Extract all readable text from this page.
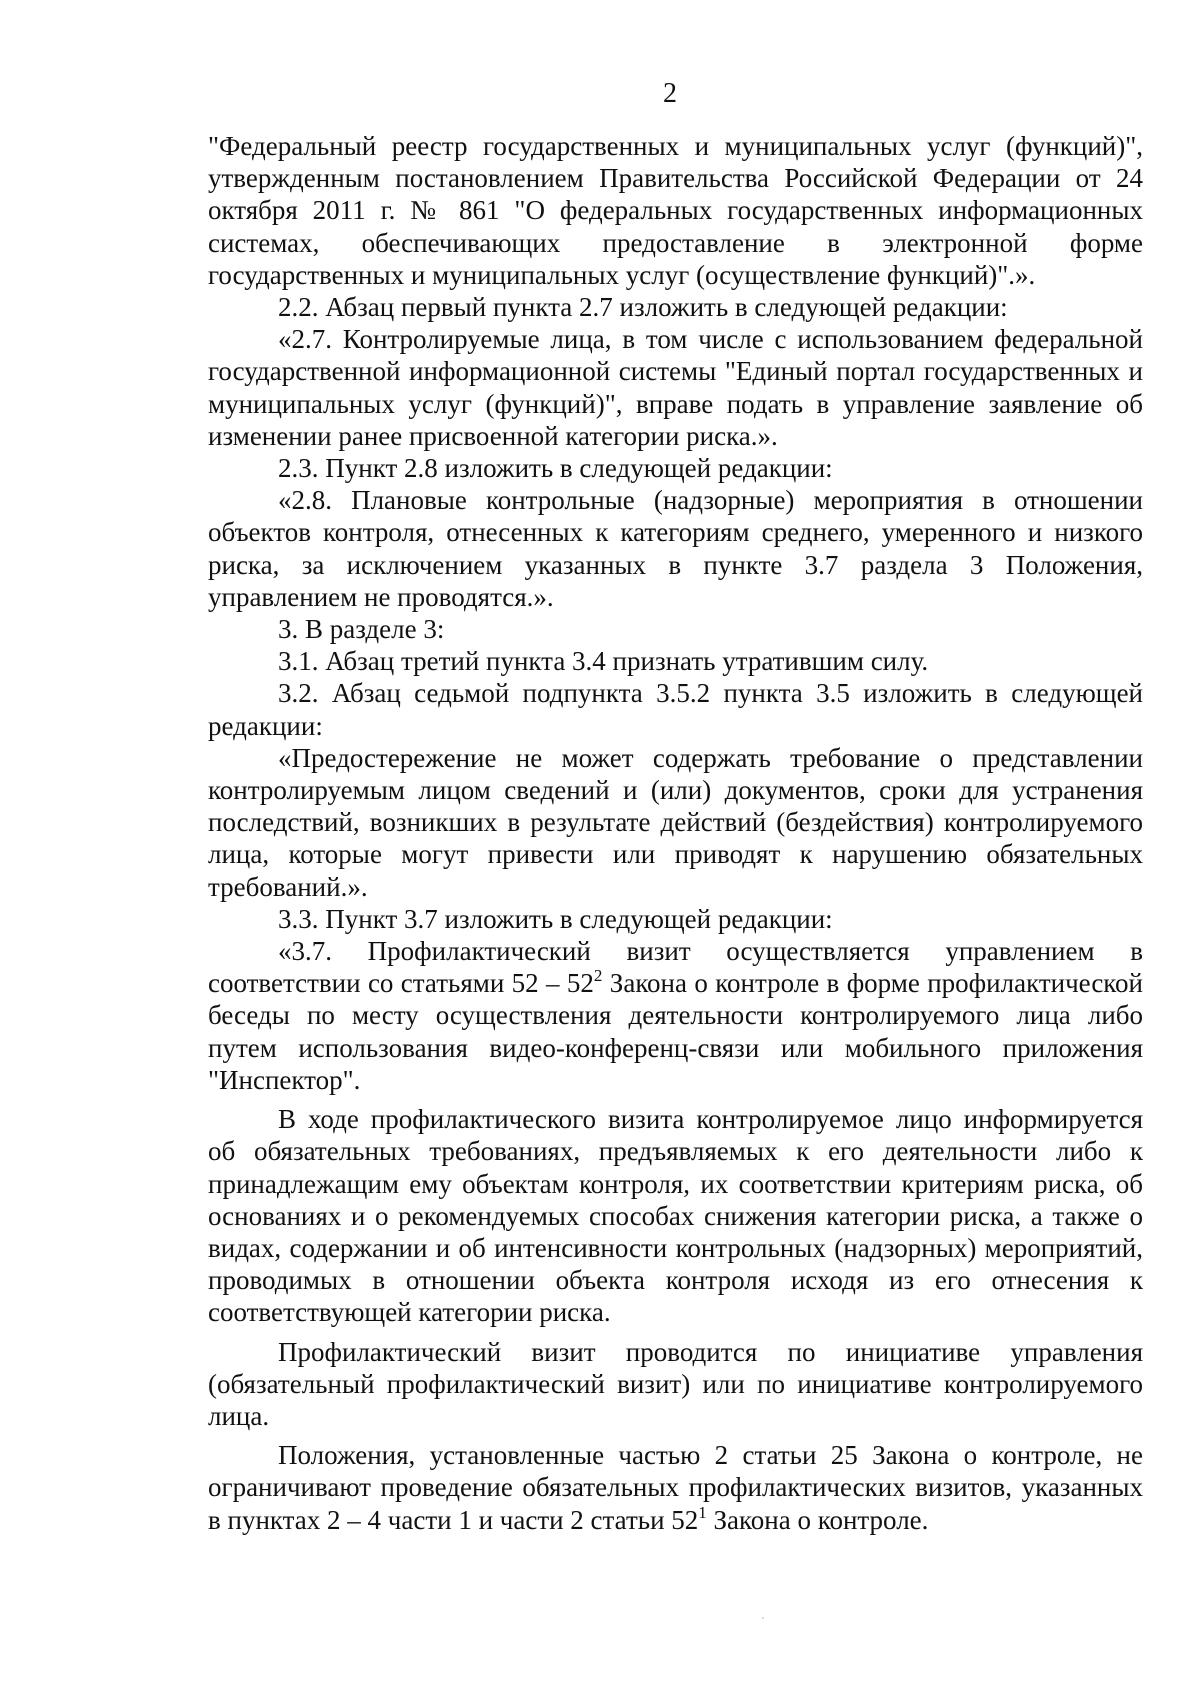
2

"Федеральный реестр государственных и муниципальных услуг (функций)", утвержденным постановлением Правительства Российской Федерации от 24 октября 2011 г. № 861 "О федеральных государственных информационных системах, обеспечивающих предоставление в электронной форме государственных и муниципальных услуг (осуществление функций)".».

2.2. Абзац первый пункта 2.7 изложить в следующей редакции:

«2.7. Контролируемые лица, в том числе с использованием федеральной государственной информационной системы "Единый портал государственных и муниципальных услуг (функций)", вправе подать в управление заявление об изменении ранее присвоенной категории риска.».

2.3. Пункт 2.8 изложить в следующей редакции:

«2.8. Плановые контрольные (надзорные) мероприятия в отношении объектов контроля, отнесенных к категориям среднего, умеренного и низкого риска, за исключением указанных в пункте 3.7 раздела 3 Положения, управлением не проводятся.».

3. В разделе 3:

3.1. Абзац третий пункта 3.4 признать утратившим силу.

3.2. Абзац седьмой подпункта 3.5.2 пункта 3.5 изложить в следующей редакции:

«Предостережение не может содержать требование о представлении контролируемым лицом сведений и (или) документов, сроки для устранения последствий, возникших в результате действий (бездействия) контролируемого лица, которые могут привести или приводят к нарушению обязательных требований.».

3.3. Пункт 3.7 изложить в следующей редакции:

«3.7. Профилактический визит осуществляется управлением в соответствии со статьями $52 - 52^2$ Закона о контроле в форме профилактической беседы по месту осуществления деятельности контролируемого лица либо путем использования видео-конференц-связи или мобильного приложения "Инспектор".

В ходе профилактического визита контролируемое лицо информируется об обязательных требованиях, предъявляемых к его деятельности либо к принадлежащим ему объектам контроля, их соответствии критериям риска, об основаниях и о рекомендуемых способах снижения категории риска, а также о видах, содержании и об интенсивности контрольных (надзорных) мероприятий, проводимых в отношении объекта контроля исходя из его отнесения к соответствующей категории риска.

Профилактический визит проводится по инициативе управления (обязательный профилактический визит) или по инициативе контролируемого лица.

Положения, установленные частью 2 статьи 25 Закона о контроле, не ограничивают проведение обязательных профилактических визитов, указанных в пунктах 2 – 4 части 1 и части 2 статьи $52^1$ Закона о контроле.
